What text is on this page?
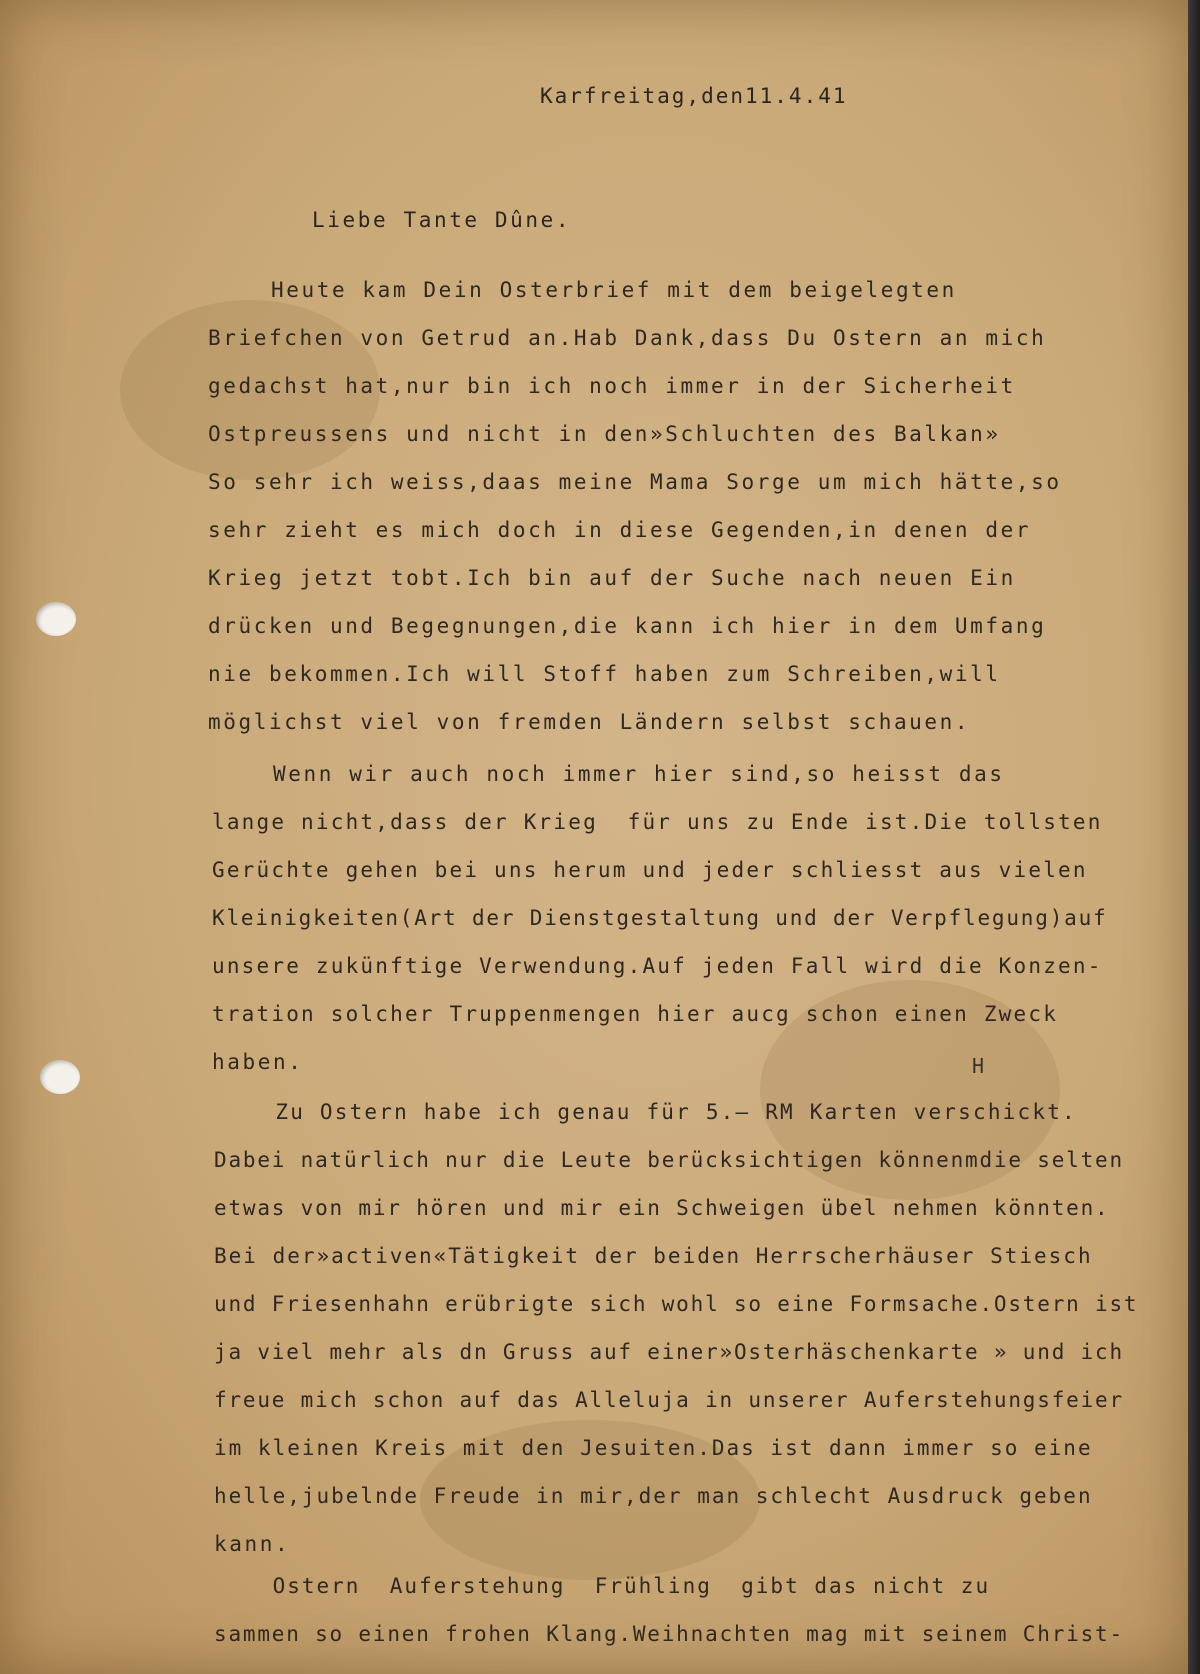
Karfreitag,den11.4.41

Liebe Tante Dûne.

Heute kam Dein Osterbrief mit dem beigelegten

Briefchen von Getrud an.Hab Dank,dass Du Ostern an mich

gedachst hat,nur bin ich noch immer in der Sicherheit

Ostpreussens und nicht in den»Schluchten des Balkan»

So sehr ich weiss,daas meine Mama Sorge um mich hätte,so

sehr zieht es mich doch in diese Gegenden,in denen der

Krieg jetzt tobt.Ich bin auf der Suche nach neuen Ein

drücken und Begegnungen,die kann ich hier in dem Umfang

nie bekommen.Ich will Stoff haben zum Schreiben,will

möglichst viel von fremden Ländern selbst schauen.

Wenn wir auch noch immer hier sind,so heisst das

lange nicht,dass der Krieg  für uns zu Ende ist.Die tollsten

Gerüchte gehen bei uns herum und jeder schliesst aus vielen

Kleinigkeiten(Art der Dienstgestaltung und der Verpflegung)auf

unsere zukünftige Verwendung.Auf jeden Fall wird die Konzen-

tration solcher Truppenmengen hier aucg schon einen Zweck

haben.

Zu Ostern habe ich genau für 5.— RM Karten verschickt.

Dabei natürlich nur die Leute berücksichtigen könnenmdie selten

etwas von mir hören und mir ein Schweigen übel nehmen könnten.

Bei der»activen«Tätigkeit der beiden Herrscherhäuser Stiesch

und Friesenhahn erübrigte sich wohl so eine Formsache.Ostern ist

ja viel mehr als dn Gruss auf einer»Osterhäschenkarte » und ich

freue mich schon auf das Alleluja in unserer Auferstehungsfeier

im kleinen Kreis mit den Jesuiten.Das ist dann immer so eine

helle,jubelnde Freude in mir,der man schlecht Ausdruck geben

kann.

Ostern  Auferstehung  Frühling  gibt das nicht zu

sammen so einen frohen Klang.Weihnachten mag mit seinem Christ-

H
